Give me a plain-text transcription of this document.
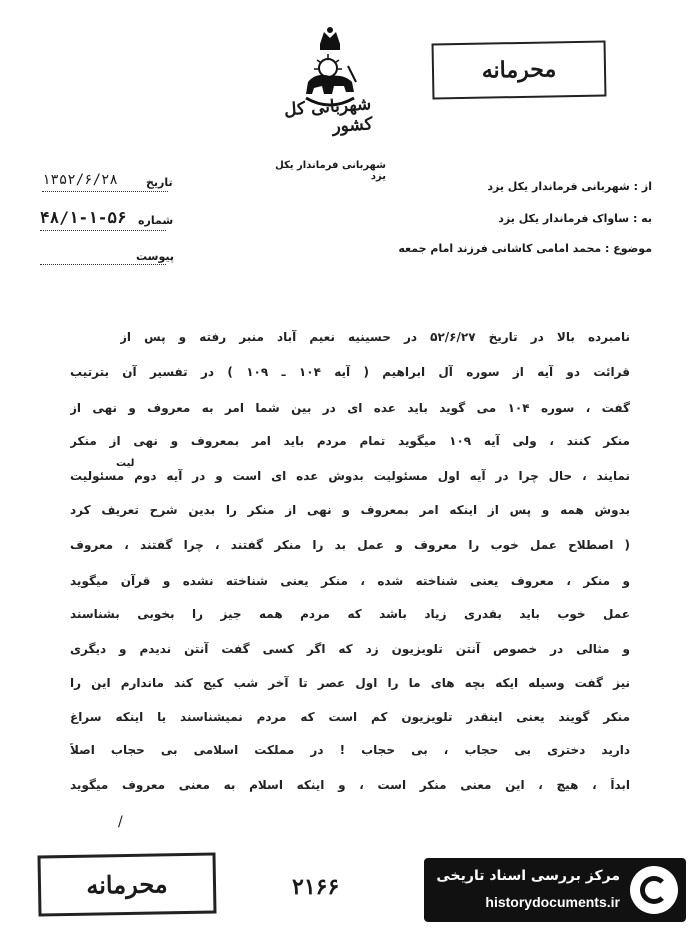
محرمانه
شهربانی کل کشور
شهربانی فرماندار یکل یزد
تاریخ
۱۳۵۲/۶/۲۸
شماره
۴۸/۱-۱-۵۶
پیوست
از : شهربانی فرماندار یکل یزد
به : ساواک فرماندار یکل یزد
موضوع : محمد امامی کاشانی فرزند امام جمعه
نامبرده بالا در تاریخ ۵۲/۶/۲۷ در حسینیه نعیم آباد منبر رفته و پس از
قرائت دو آیه از سوره آل ابراهیم ( آیه ۱۰۴ ـ ۱۰۹ ) در تفسیر آن بترتیب
گفت ، سوره ۱۰۴ می گوید باید عده ای در بین شما امر به معروف و نهی از
منکر کنند ، ولی آیه ۱۰۹ میگوید تمام مردم باید امر بمعروف و نهی از منکر
لیت
نمایند ، حال چرا در آیه اول مسئولیت بدوش عده ای است و در آیه دوم مسئولیت
بدوش همه و پس از اینکه امر بمعروف و نهی از منکر را بدین شرح تعریف کرد
( اصطلاح عمل خوب را معروف و عمل بد را منکر گفتند ، چرا گفتند ، معروف
و منکر ، معروف یعنی شناخته شده ، منکر یعنی شناخته نشده و قرآن میگوید
عمل خوب باید بقدری زیاد باشد که مردم همه جیز را بخوبی بشناسند
و مثالی در خصوص آنتن تلویزیون زد که اگر کسی گفت آنتن ندیدم و دیگری
نیز گفت وسیله ایکه بچه های ما را اول عصر تا آخر شب کیج کند ماندارم این را
منکر گویند یعنی اینقدر تلویزیون کم است که مردم نمیشناسند یا اینکه سراغ
دارید دختری بی حجاب ، بی حجاب ! در مملکت اسلامی بی حجاب اصلاً
ابداً ، هیچ ، این معنی منکر است ، و اینکه اسلام به معنی معروف میگوید
/
محرمانه	۲۱۶۶	مرکز بررسی اسناد تاریخی
historydocuments.ir
